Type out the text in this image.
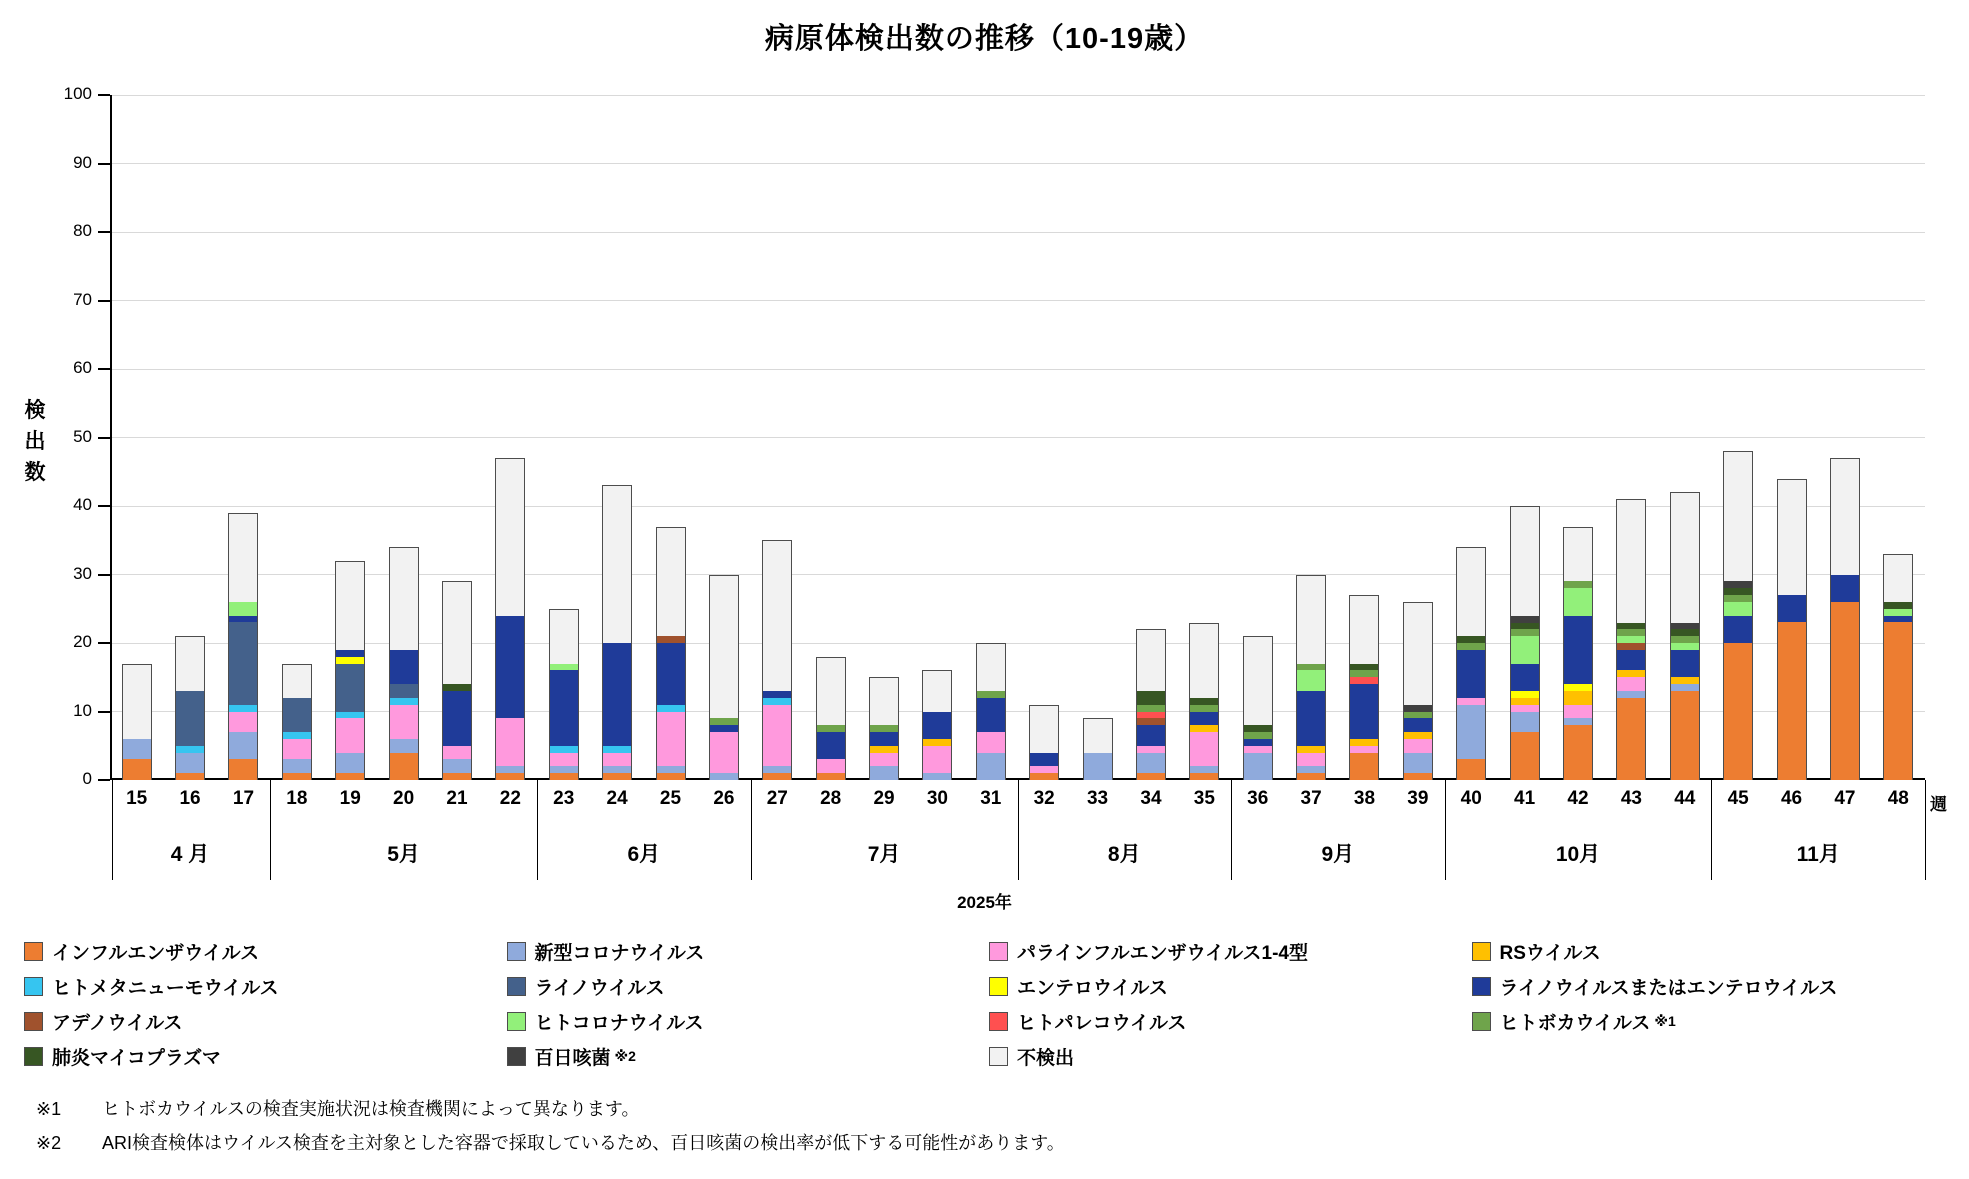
病原体検出数の推移（10-19歳）
検
出
数
週
4 月	5月	6月	7月	8月	9月	10月	11月
2025年
インフルエンザウイルス	新型コロナウイルス	パラインフルエンザウイルス1-4型	RSウイルス
ヒトメタニューモウイルス	ライノウイルス	エンテロウイルス	ライノウイルスまたはエンテロウイルス
アデノウイルス	ヒトコロナウイルス	ヒトパレコウイルス	ヒトボカウイルス ※1
肺炎マイコプラズマ	百日咳菌 ※2	不検出
※1 ヒトボカウイルスの検査実施状況は検査機関によって異なります。
※2 ARI検査検体はウイルス検査を主対象とした容器で採取しているため、百日咳菌の検出率が低下する可能性があります。
0
10
20
30
40
50
60
70
80
90
100
15	16	17	18	19	20	21	22	23	24	25	26	27	28	29	30	31	32	33	34	35	36	37	38	39	40	41	42	43	44	45	46	47	48
